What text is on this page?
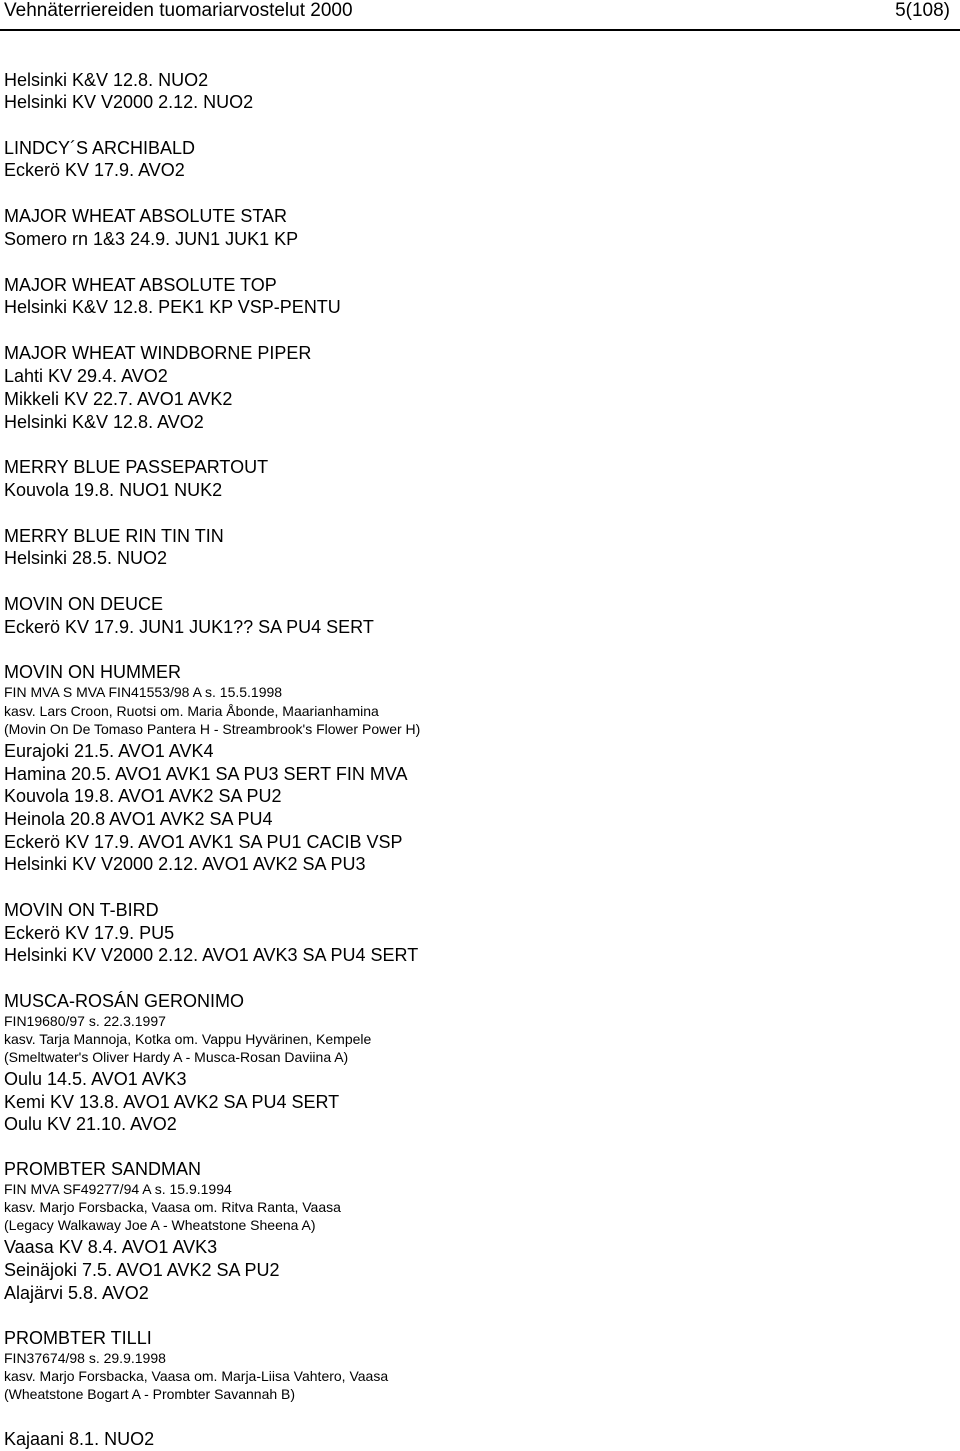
Vehnäterriereiden tuomariarvostelut 2000	5(108)
Helsinki K&V 12.8. NUO2
Helsinki KV V2000 2.12. NUO2
LINDCY´S ARCHIBALD
Eckerö KV 17.9. AVO2
MAJOR WHEAT ABSOLUTE STAR
Somero rn 1&3 24.9. JUN1 JUK1 KP
MAJOR WHEAT ABSOLUTE TOP
Helsinki K&V 12.8. PEK1 KP VSP-PENTU
MAJOR WHEAT WINDBORNE PIPER
Lahti KV 29.4. AVO2
Mikkeli KV 22.7. AVO1 AVK2
Helsinki K&V 12.8. AVO2
MERRY BLUE PASSEPARTOUT
Kouvola 19.8. NUO1 NUK2
MERRY BLUE RIN TIN TIN
Helsinki 28.5. NUO2
MOVIN ON DEUCE
Eckerö KV 17.9. JUN1 JUK1?? SA PU4 SERT
MOVIN ON HUMMER
FIN MVA S MVA FIN41553/98 A s. 15.5.1998
kasv. Lars Croon, Ruotsi om. Maria Åbonde, Maarianhamina
(Movin On De Tomaso Pantera H - Streambrook's Flower Power H)
Eurajoki 21.5. AVO1 AVK4
Hamina 20.5. AVO1 AVK1 SA PU3 SERT FIN MVA
Kouvola 19.8. AVO1 AVK2 SA PU2
Heinola 20.8 AVO1 AVK2 SA PU4
Eckerö KV 17.9. AVO1 AVK1 SA PU1 CACIB VSP
Helsinki KV V2000 2.12. AVO1 AVK2 SA PU3
MOVIN ON T-BIRD
Eckerö KV 17.9. PU5
Helsinki KV V2000 2.12. AVO1 AVK3 SA PU4 SERT
MUSCA-ROSÁN GERONIMO
FIN19680/97 s. 22.3.1997
kasv. Tarja Mannoja, Kotka om. Vappu Hyvärinen, Kempele
(Smeltwater's Oliver Hardy A - Musca-Rosan Daviina A)
Oulu 14.5. AVO1 AVK3
Kemi KV 13.8. AVO1 AVK2 SA PU4 SERT
Oulu KV 21.10. AVO2
PROMBTER SANDMAN
FIN MVA SF49277/94 A s. 15.9.1994
kasv. Marjo Forsbacka, Vaasa om. Ritva Ranta, Vaasa
(Legacy Walkaway Joe A - Wheatstone Sheena A)
Vaasa KV 8.4. AVO1 AVK3
Seinäjoki 7.5. AVO1 AVK2 SA PU2
Alajärvi 5.8. AVO2
PROMBTER TILLI
FIN37674/98 s. 29.9.1998
kasv. Marjo Forsbacka, Vaasa om. Marja-Liisa Vahtero, Vaasa
(Wheatstone Bogart A - Prombter Savannah B)
Kajaani 8.1. NUO2
